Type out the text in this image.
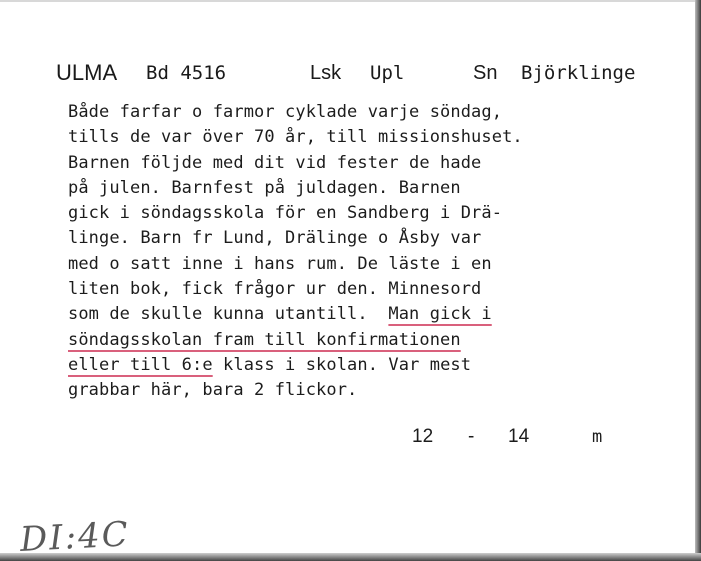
ULMA Bd 4516	Lsk Upl	Sn Björklinge
Både farfar o farmor cyklade varje söndag,
tills de var över 70 år, till missionshuset.
Barnen följde med dit vid fester de hade
på julen. Barnfest på juldagen. Barnen
gick i söndagsskola för en Sandberg i Drä-
linge. Barn fr Lund, Drälinge o Åsby var
med o satt inne i hans rum. De läste i en
liten bok, fick frågor ur den. Minnesord
som de skulle kunna utantill.  Man gick i
söndagsskolan fram till konfirmationen
eller till 6:e klass i skolan. Var mest
grabbar här, bara 2 flickor.
12 - 14	m
DI:4C
